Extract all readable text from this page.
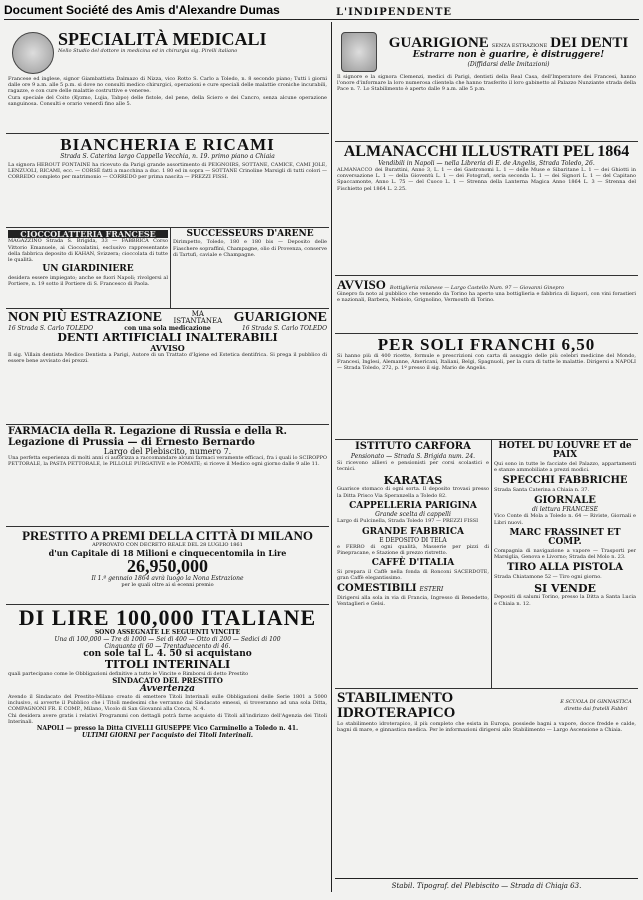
Document Société des Amis d'Alexandre Dumas	L'INDIPENDENTE
SPECIALITÀ MEDICALI
Nello Studio del dottore in medicina ed in chirurgia sig. Pirelli italiano
Francese ed inglese, signor Giambattista Dalmazo di Nizza, vico Rotto S. Carlo a Toledo, n. 8 secondo piano; Tutti i giorni dalle ore 9 a.m. alle 5 p.m. si dove no consulti medico chirurgici, operazioni e cure speciali delle malattie croniche incurabili, ragazze, e con cure delle malattie costruttive e veneree.
Cura speciale del Coito (Kyzmo, Lujia, Tabpo) delle fistole, del pene, della Sciero e dei Cancro, senza alcune operazione sanguinosa. Consulti e orario venerdì fino alle 5.
BIANCHERIA E RICAMI
Strada S. Caterina largo Cappella Vecchia, n. 19. primo piano a Chiaia
La signora HEROUT FONTAINE ha ricevuto da Parigi grande assortimento di PEIGNOIRS, SOTTANE, CAMICE, CAMI JOLE, LENZUOLI, RICAMI, ecc. — CORSÈ fatti a macchina a duc. 1 80 ed in sopra — SOTTANE Crinoline Marsigli di tutti colori — CORREDO completo per matrimonio — CORREDO per prima nascita — PREZZI FISSI.
CIOCCOLATTERIA FRANCESE
MAGAZZINO Strada S. Brigida, 33 — FABBRICA Corso Vittorio Emanuele, ai Ciocoalatini, esclusivo rappresentante della fabbrica deposito di KAHAN, Svizzera; cioccolata di tutte le qualità.
UN GIARDINIERE
desidera essere impiegato; anche se fuori Napoli; rivolgersi al Portiere, n. 19 sotto il Portiere di S. Francesco di Paola.
SUCCESSEURS D'ARENE
Dirimpetto, Toledo, 180 e 180 bis — Deposito delle Fiaschere sopraffini, Champagne, olio di Provenza, conserve di Tartufi, caviale e Champagne.
NON PIÙ ESTRAZIONE	MA ISTANTANEA GUARIGIONE
16 Strada S. Carlo TOLEDO	con una sola medicazione	16 Strada S. Carlo TOLEDO
DENTI ARTIFICIALI INALTERABILI
AVVISO
Il sig. Villain dentista Medico Dentista a Parigi, Autore di un Trattato d'Igiene ed Estetica dentifrica. Si prega il pubblico di essere bene avvisato dei prezzi.
FARMACIA della R. Legazione di Russia e della R. Legazione di Prussia — di Ernesto Bernardo
Largo del Plebiscito, numero 7.
Una perfetta esperienza di molti anni ci autorizza a raccomandare alcuni farmaci veramente efficaci, fra i quali lo SCIROPPO PETTORALE, la PASTA PETTORALE, le PILLOLE PURGATIVE e le POMATE; si riceve il Medico ogni giorno dalle 9 alle 11.
PRESTITO A PREMI DELLA CITTÀ DI MILANO
APPROVATO CON DECRETO REALE DEL 28 LUGLIO 1861
d'un Capitale di 18 Milioni e cinquecentomila in Lire
26,950,000
Il 1.º gennaio 1864 avrà luogo la Nona Estrazione
per le quali oltre ai sì ecenni premio
DI LIRE 100,000 ITALIANE
SONO ASSEGNATE LE SEGUENTI VINCITE
Una di 100,000 — Tre di 1000 — Sei di 400 — Otto di 200 — Sedici di 100
Cinquanta di 60 — Trentaduecento di 46.
con sole tal L. 4. 50 si acquistano
TITOLI INTERINALI
quali partecipano come le Obbligazioni definitive a tutte le Vincite e Rimborsi di detto Prestito
SINDACATO DEL PRESTITO
Avvertenza
Avendo il Sindacato del Prestito-Milano creato di emettere Titoli Interinali sulle Obbligazioni delle Serie 1801 a 5000 inclusivo, si avverte il Pubblico che i Titoli medesimi che verranno dal Sindacato emessi, si troveranno ad una sola Ditta, COMPAGNONI FR. E COMP., Milano, Vicolo di San Giovanni alla Conca, N. 4.
Chi desidera avere gratis i relativi Programmi con dettagli potrà farne acquisto di Titoli all'indirizzo dell'Agenzia dei Titoli Interinali.
NAPOLI — presso la Ditta CIVELLI GIUSEPPE Vico Carminello a Toledo n. 41.
ULTIMI GIORNI per l'acquisto dei Titoli Interinali.
GUARIGIONE SENZA ESTRAZIONE DEI DENTI
Estrarre non è guarire, è distruggere!
(Diffidarsi delle Imitazioni)
Il signore e la signora Clemenzi, medici di Parigi, dentisti della Real Casa, dell'Imperatore dei Francesi, hanno l'onore d'informare la loro numerosa clientela che hanno trasferito il loro gabinetto al Palazzo Nunziante strada della Pace n. 7. Lo Stabilimento è aperto dalle 9 a.m. alle 5 p.m.
ALMANACCHI ILLUSTRATI PEL 1864
Vendibili in Napoli — nella Libreria di E. de Angelis, Strada Toledo, 26.
ALMANACCO dei Burattini, Anno 3, L. 1 — dei Gastronomi L. 1 — delle Muse e Sibaritane L. 1 — dei Ghiotti in conversazione L. 1 — della Gioventù L. 1 — dei Fotografi, seria seconda L. 1 — dei Signori L. 1 — del Capitano Spaccamonte, Anno L. 75 — del Cuoco L. 1 — Strenna della Lanterna Magica Anno 1864 L. 3 — Strenna del Fischietto pel 1864 L. 2.25.
AVVISO Bottiglieria milanese — Largo Castello Num. 97 — Giovanni Ginepro
Ginepro fa noto al pubblico che venendo da Torino ha aperto una bottiglieria e fabbrica di liquori, con vini forastieri e nazionali, Barbera, Nebiolo, Grignolino, Vermouth di Torino.
PER SOLI FRANCHI 6,50
Si hanno più di 400 ricette, formule e prescrizioni con carta di assaggio delle più celebri medicine del Mondo, Francesi, Inglesi, Alemanne, Americani, Italiani, Belgi, Spagnuoli, per la cura di tutte le malattie. Dirigersi a NAPOLI — Strada Toledo, 272, p. 1º presso il sig. Mario de Angelis.
ISTITUTO CARFORA
Pensionato — Strada S. Brigida num. 24.
Si ricevono allievi e pensionisti per corsi scolastici e tecnici.
KARATAS
Guarisce stomaco di ogni sorta. Il deposito trovasi presso la Ditta Prisco Via Speranzella a Toledo 82.
CAPPELLERIA PARIGINA
Grande scelta di cappelli
Largo di Pulcinella, Strada Toledo 197 — PREZZI FISSI
GRANDE FABBRICA
E DEPOSITO DI TELA
e FERRO di ogni qualità, Masserie per pizzi di Pinepracane, e Stazione di prezzo ristretto.
CAFFÈ D'ITALIA
Si prepara il Caffè nella fonda di Ronconi SACERDOTE, gran Caffè elegantissimo.
COMESTIBILI ESTERI
Dirigersi alla sola in via di Francia, Ingresso di Benedetto, Ventaglieri e Gelsi.
HOTEL DU LOUVRE ET de PAIX
Qui sono in tutte le facciate del Palazzo, appartamenti e stanze ammobiliate a prezzi modici.
SPECCHI FABBRICHE
Strada Santa Caterina a Chiaia n. 37.
GIORNALE
di lettura FRANCESE
Vico Conte di Mola a Toledo n. 64 — Riviste, Giornali e Libri nuovi.
MARC FRASSINET ET COMP.
Compagnia di navigazione a vapore — Trasporti per Marsiglia, Genova e Livorno; Strada del Molo n. 23.
TIRO ALLA PISTOLA
Strada Chiatamone 52 — Tiro ogni giorno.
SI VENDE
Depositi di salumi Torino, presso la Ditta a Santa Lucia e Chiaia n. 12.
STABILIMENTO IDROTERAPICO
E SCUOLA DI GINNASTICA diretto dai fratelli Fabbri
Lo stabilimento idroterapico, il più completo che esista in Europa, possiede bagni a vapore, docce fredde e calde, bagni di mare, e ginnastica medica. Per le informazioni dirigersi allo Stabilimento — Largo Ascensione a Chiaia.
Stabil. Tipograf. del Plebiscito — Strada di Chiaja 63.
